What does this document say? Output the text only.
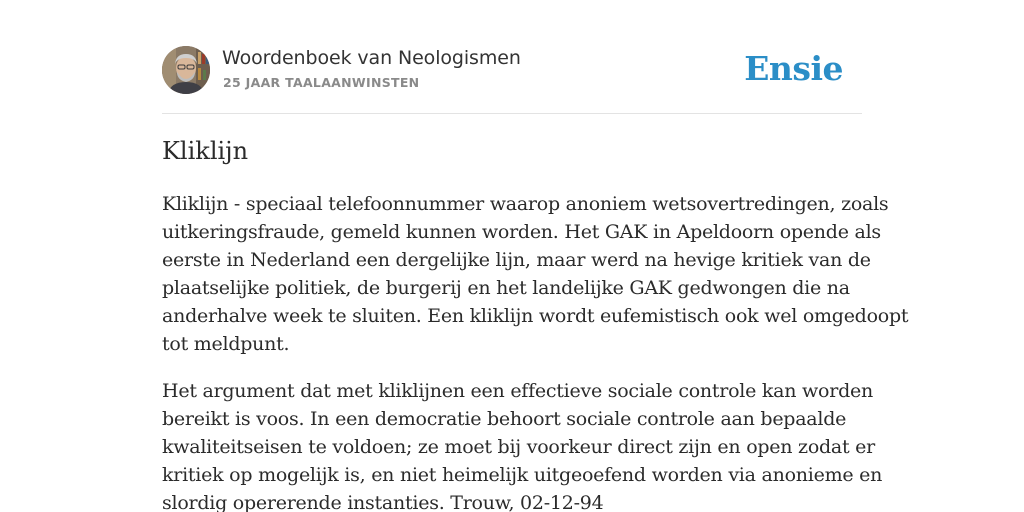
Woordenboek van Neologismen
25 JAAR TAALAANWINSTEN	Ensie
Kliklijn

Kliklijn - speciaal telefoonnummer waarop anoniem wetsovertredingen, zoals
uitkeringsfraude, gemeld kunnen worden. Het GAK in Apeldoorn opende als
eerste in Nederland een dergelijke lijn, maar werd na hevige kritiek van de
plaatselijke politiek, de burgerij en het landelijke GAK gedwongen die na
anderhalve week te sluiten. Een kliklijn wordt eufemistisch ook wel omgedoopt
tot meldpunt.

Het argument dat met kliklijnen een effectieve sociale controle kan worden
bereikt is voos. In een democratie behoort sociale controle aan bepaalde
kwaliteitseisen te voldoen; ze moet bij voorkeur direct zijn en open zodat er
kritiek op mogelijk is, en niet heimelijk uitgeoefend worden via anonieme en
slordig opererende instanties. Trouw, 02-12-94
